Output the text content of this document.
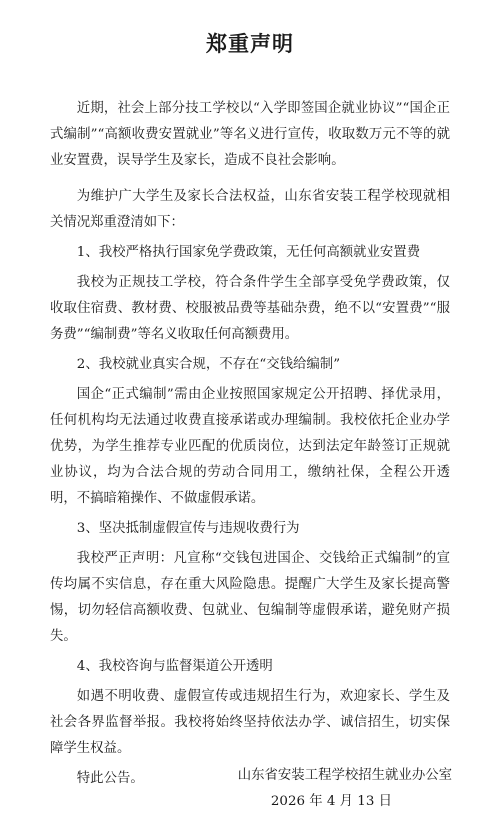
郑重声明

近期，社会上部分技工学校以“入学即签国企就业协议”“国企正式编制”“高额收费安置就业”等名义进行宣传，收取数万元不等的就业安置费，误导学生及家长，造成不良社会影响。

为维护广大学生及家长合法权益，山东省安装工程学校现就相关情况郑重澄清如下：

1、我校严格执行国家免学费政策，无任何高额就业安置费

我校为正规技工学校，符合条件学生全部享受免学费政策，仅收取住宿费、教材费、校服被品费等基础杂费，绝不以“安置费”“服务费”“编制费”等名义收取任何高额费用。

2、我校就业真实合规，不存在“交钱给编制”

国企“正式编制”需由企业按照国家规定公开招聘、择优录用，任何机构均无法通过收费直接承诺或办理编制。我校依托企业办学优势，为学生推荐专业匹配的优质岗位，达到法定年龄签订正规就业协议，均为合法合规的劳动合同用工，缴纳社保，全程公开透明，不搞暗箱操作、不做虚假承诺。

3、坚决抵制虚假宣传与违规收费行为

我校严正声明：凡宣称“交钱包进国企、交钱给正式编制”的宣传均属不实信息，存在重大风险隐患。提醒广大学生及家长提高警惕，切勿轻信高额收费、包就业、包编制等虚假承诺，避免财产损失。

4、我校咨询与监督渠道公开透明

如遇不明收费、虚假宣传或违规招生行为，欢迎家长、学生及社会各界监督举报。我校将始终坚持依法办学、诚信招生，切实保障学生权益。

特此公告。	山东省安装工程学校招生就业办公室
2026 年 4 月 13 日
